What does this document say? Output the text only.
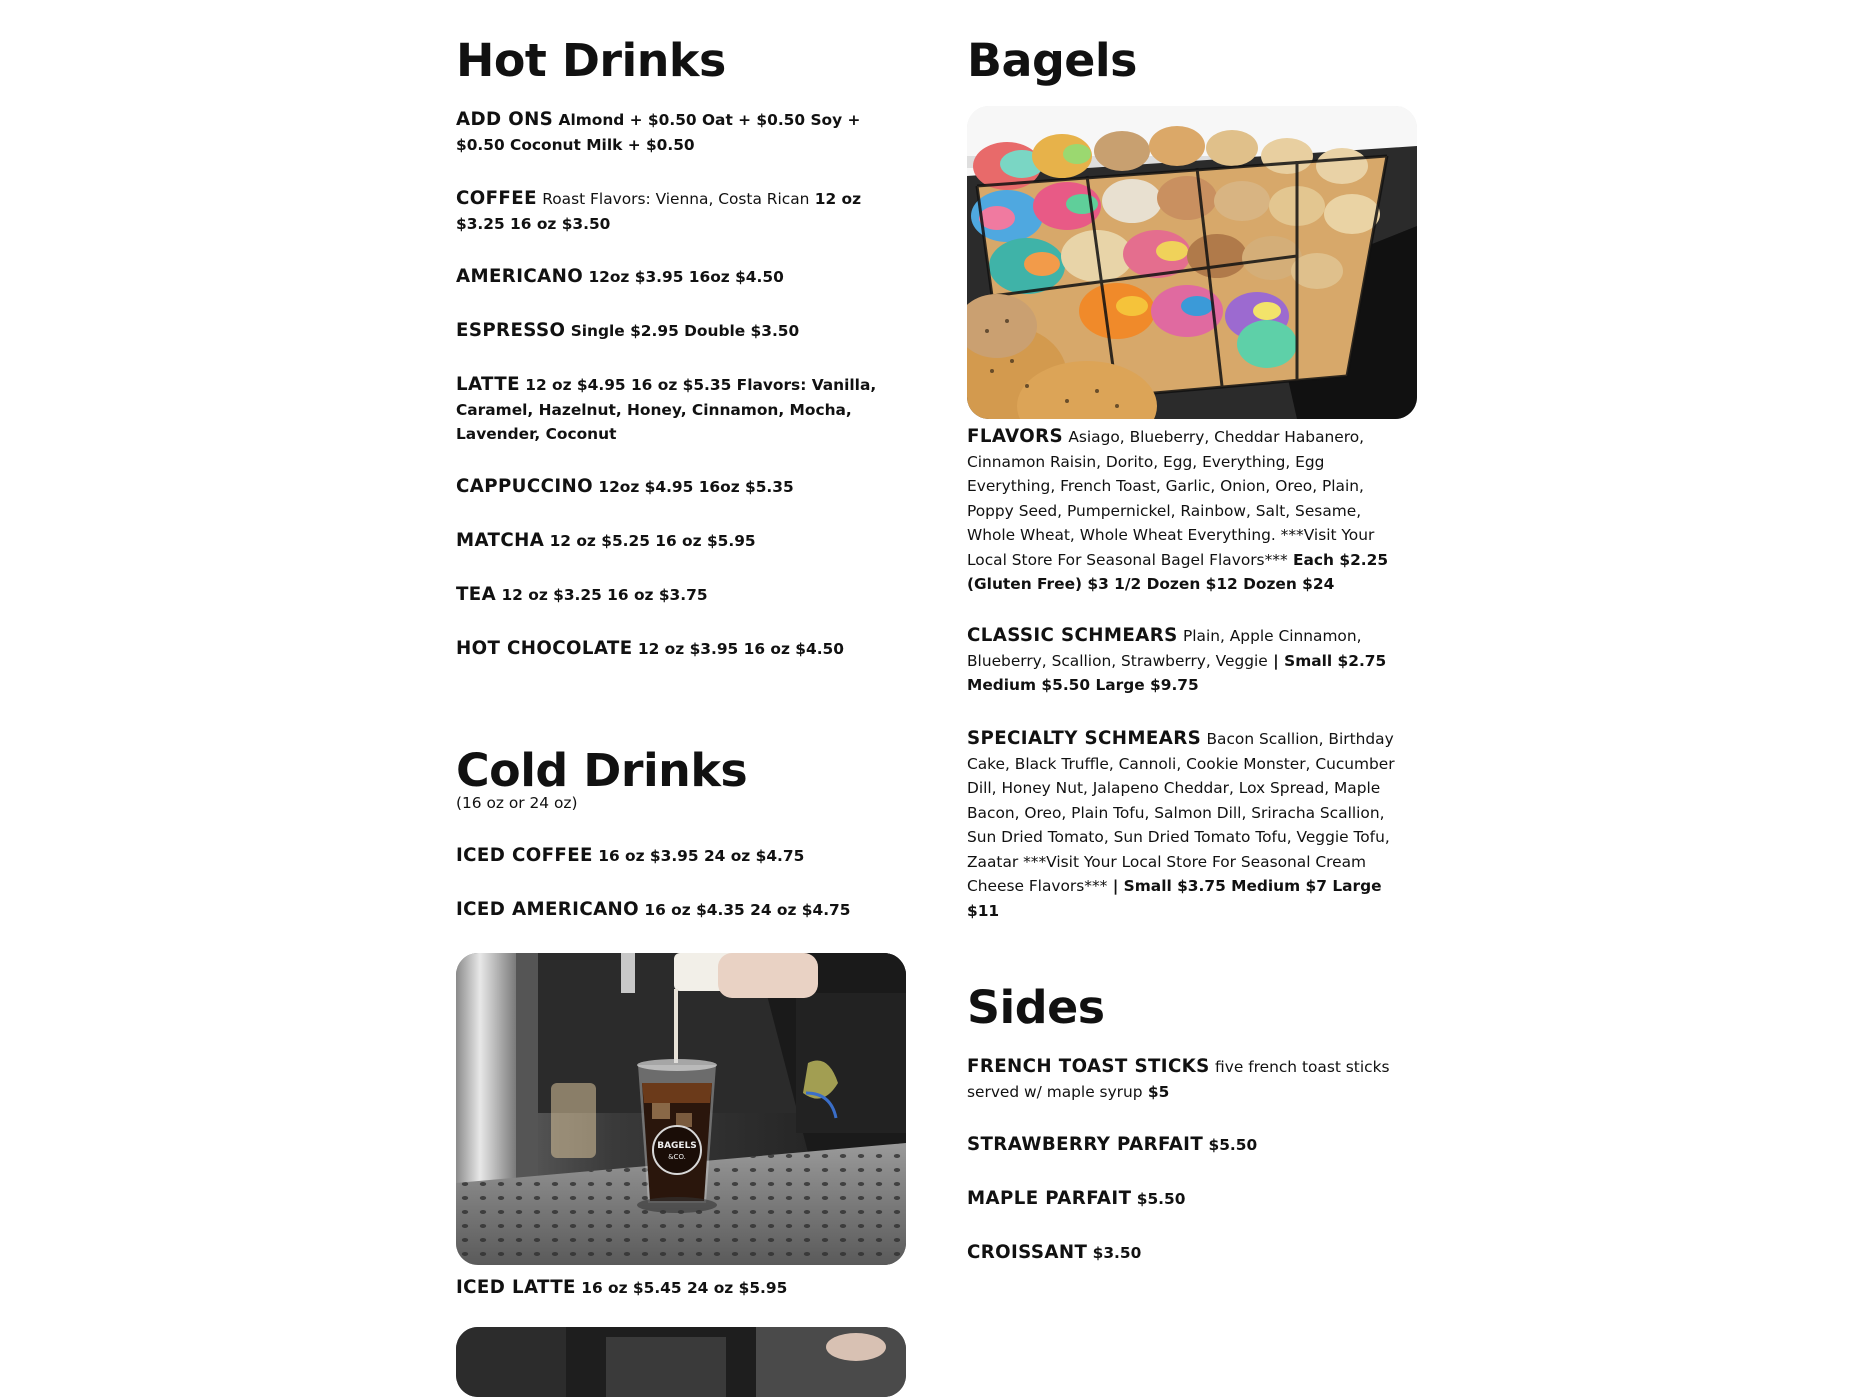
Hot Drinks

ADD ONS Almond + $0.50 Oat + $0.50 Soy + $0.50 Coconut Milk + $0.50

COFFEE Roast Flavors: Vienna, Costa Rican 12 oz $3.25 16 oz $3.50

AMERICANO 12oz $3.95 16oz $4.50

ESPRESSO Single $2.95 Double $3.50

LATTE 12 oz $4.95 16 oz $5.35 Flavors: Vanilla, Caramel, Hazelnut, Honey, Cinnamon, Mocha, Lavender, Coconut

CAPPUCCINO 12oz $4.95 16oz $5.35

MATCHA 12 oz $5.25 16 oz $5.95

TEA 12 oz $3.25 16 oz $3.75

HOT CHOCOLATE 12 oz $3.95 16 oz $4.50

Cold Drinks

(16 oz or 24 oz)

ICED COFFEE 16 oz $3.95 24 oz $4.75

ICED AMERICANO 16 oz $4.35 24 oz $4.75

BAGELS
&CO.

ICED LATTE 16 oz $5.45 24 oz $5.95

Bagels

FLAVORS Asiago, Blueberry, Cheddar Habanero, Cinnamon Raisin, Dorito, Egg, Everything, Egg Everything, French Toast, Garlic, Onion, Oreo, Plain, Poppy Seed, Pumpernickel, Rainbow, Salt, Sesame, Whole Wheat, Whole Wheat Everything. ***Visit Your Local Store For Seasonal Bagel Flavors*** Each $2.25 (Gluten Free) $3 1/2 Dozen $12 Dozen $24

CLASSIC SCHMEARS Plain, Apple Cinnamon, Blueberry, Scallion, Strawberry, Veggie | Small $2.75 Medium $5.50 Large $9.75

SPECIALTY SCHMEARS Bacon Scallion, Birthday Cake, Black Truffle, Cannoli, Cookie Monster, Cucumber Dill, Honey Nut, Jalapeno Cheddar, Lox Spread, Maple Bacon, Oreo, Plain Tofu, Salmon Dill, Sriracha Scallion, Sun Dried Tomato, Sun Dried Tomato Tofu, Veggie Tofu, Zaatar ***Visit Your Local Store For Seasonal Cream Cheese Flavors*** | Small $3.75 Medium $7 Large $11

Sides

FRENCH TOAST STICKS five french toast sticks served w/ maple syrup $5

STRAWBERRY PARFAIT $5.50

MAPLE PARFAIT $5.50

CROISSANT $3.50
